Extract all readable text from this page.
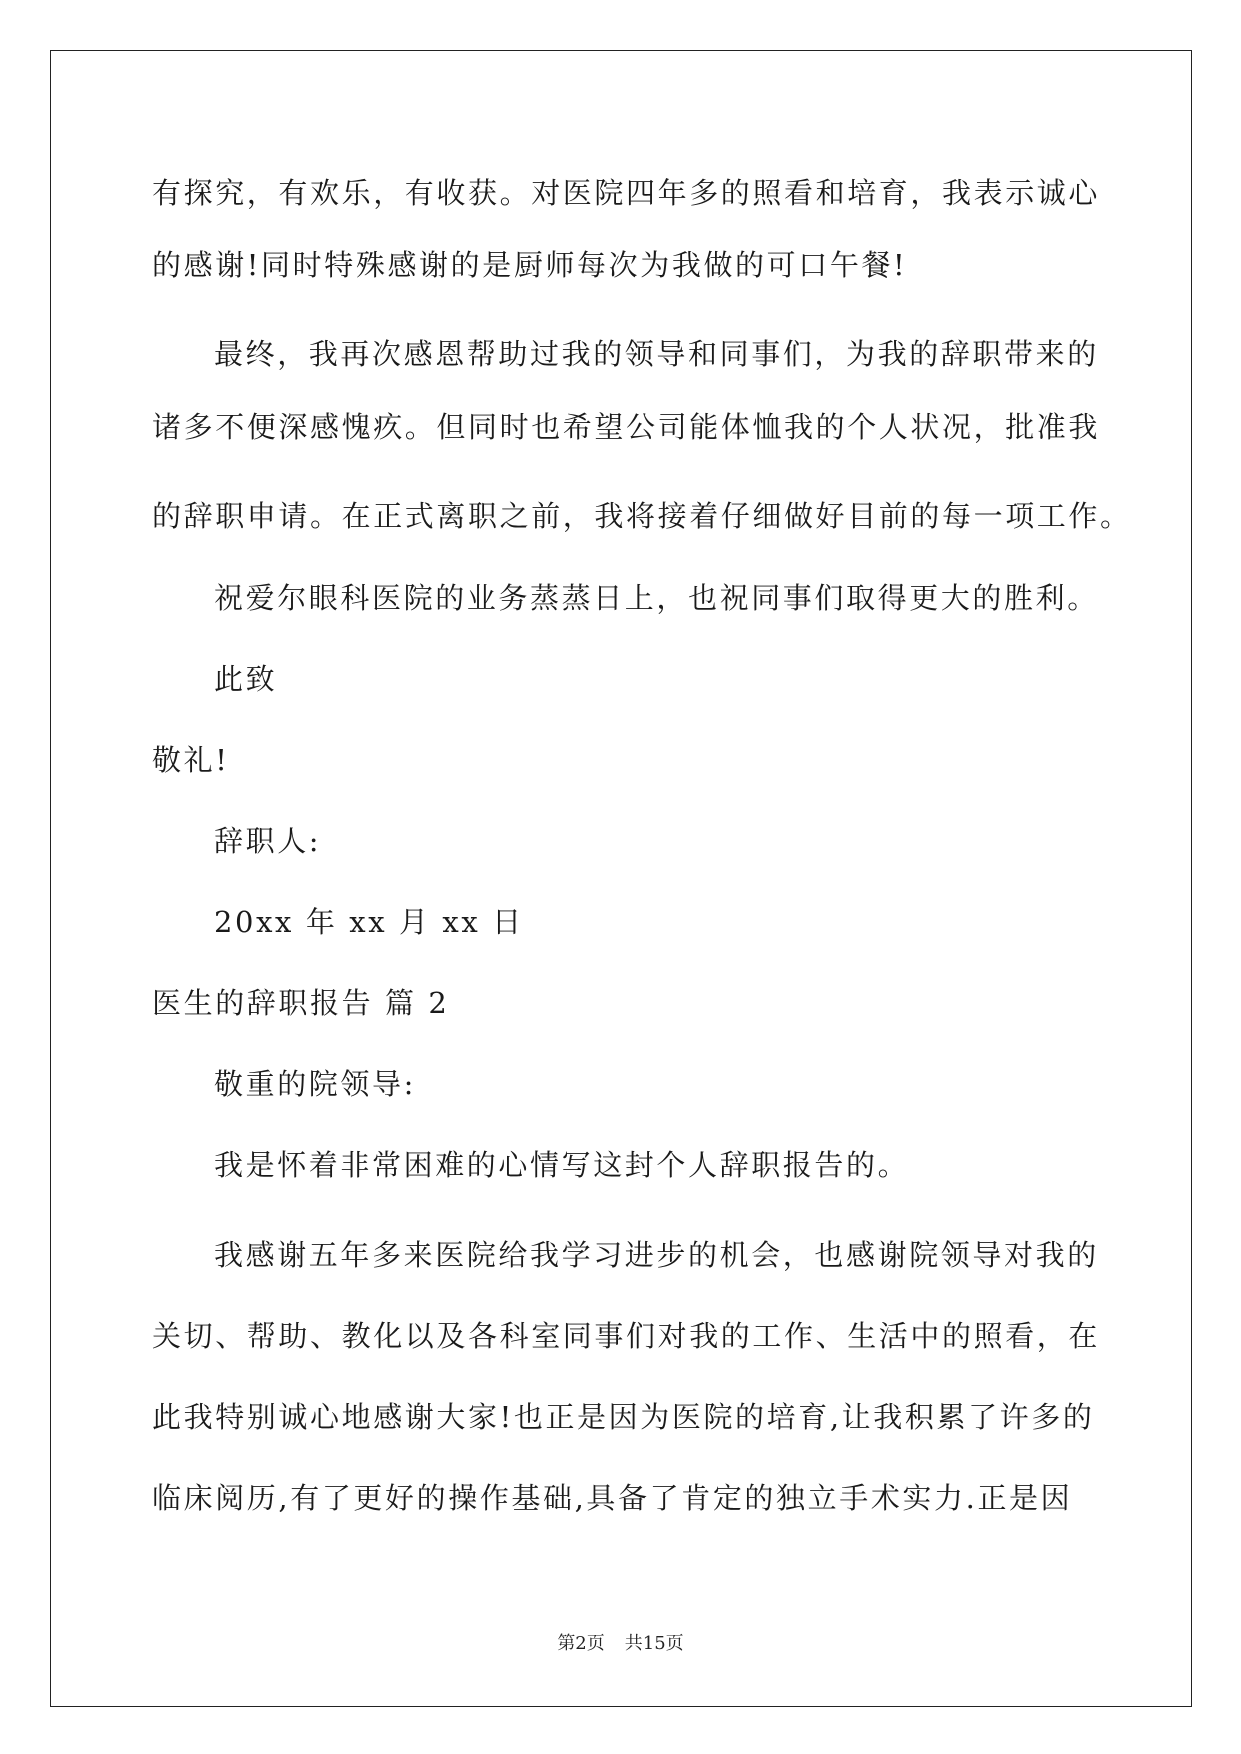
有探究，有欢乐，有收获。对医院四年多的照看和培育，我表示诚心
的感谢!同时特殊感谢的是厨师每次为我做的可口午餐!
最终，我再次感恩帮助过我的领导和同事们，为我的辞职带来的
诸多不便深感愧疚。但同时也希望公司能体恤我的个人状况，批准我
的辞职申请。在正式离职之前，我将接着仔细做好目前的每一项工作。
祝爱尔眼科医院的业务蒸蒸日上，也祝同事们取得更大的胜利。
此致
敬礼!
辞职人:
20xx 年 xx 月 xx 日
医生的辞职报告 篇 2
敬重的院领导:
我是怀着非常困难的心情写这封个人辞职报告的。
我感谢五年多来医院给我学习进步的机会，也感谢院领导对我的
关切、帮助、教化以及各科室同事们对我的工作、生活中的照看，在
此我特别诚心地感谢大家!也正是因为医院的培育,让我积累了许多的
临床阅历,有了更好的操作基础,具备了肯定的独立手术实力.正是因
第2页 共15页
